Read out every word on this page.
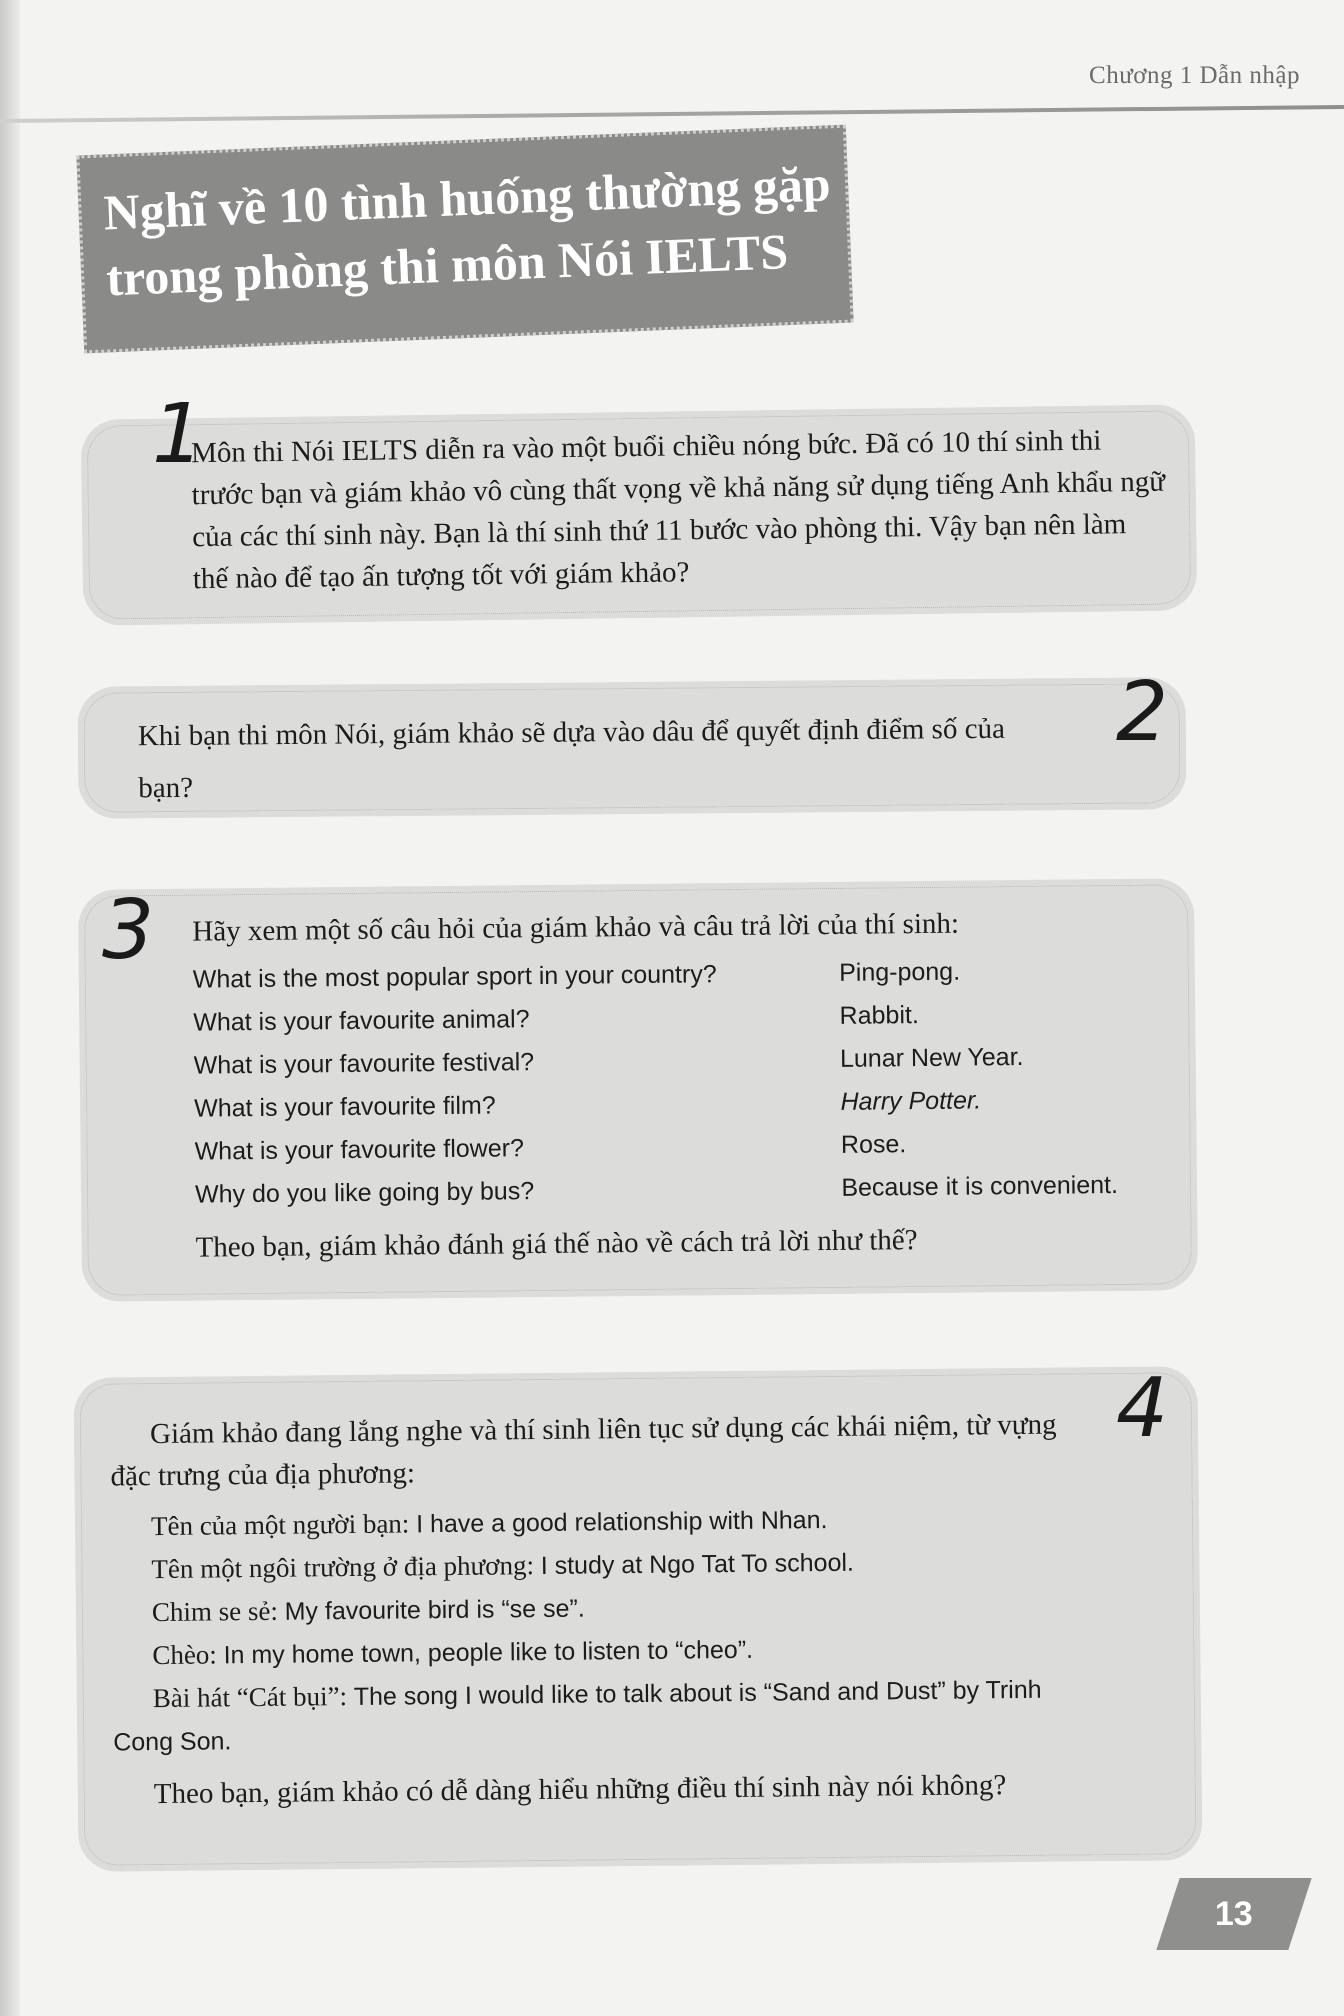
Chương 1 Dẫn nhập
Nghĩ về 10 tình huống thường gặp
trong phòng thi môn Nói IELTS

Môn thi Nói IELTS diễn ra vào một buổi chiều nóng bức. Đã có 10 thí sinh thi trước bạn và giám khảo vô cùng thất vọng về khả năng sử dụng tiếng Anh khẩu ngữ của các thí sinh này. Bạn là thí sinh thứ 11 bước vào phòng thi. Vậy bạn nên làm thế nào để tạo ấn tượng tốt với giám khảo?

1

Khi bạn thi môn Nói, giám khảo sẽ dựa vào dâu để quyết định điểm số của bạn?

2

Hãy xem một số câu hỏi của giám khảo và câu trả lời của thí sinh:

What is the most popular sport in your country?	Ping-pong.
What is your favourite animal?	Rabbit.
What is your favourite festival?	Lunar New Year.
What is your favourite film?	Harry Potter.
What is your favourite flower?	Rose.
Why do you like going by bus?	Because it is convenient.

Theo bạn, giám khảo đánh giá thế nào về cách trả lời như thế?

3

Giám khảo đang lắng nghe và thí sinh liên tục sử dụng các khái niệm, từ vựng đặc trưng của địa phương:

Tên của một người bạn: I have a good relationship with Nhan.
Tên một ngôi trường ở địa phương: I study at Ngo Tat To school.
Chim se sẻ: My favourite bird is “se se”.
Chèo: In my home town, people like to listen to “cheo”.
Bài hát “Cát bụi”: The song I would like to talk about is “Sand and Dust” by Trinh Cong Son.

Theo bạn, giám khảo có dễ dàng hiểu những điều thí sinh này nói không?

4
13
